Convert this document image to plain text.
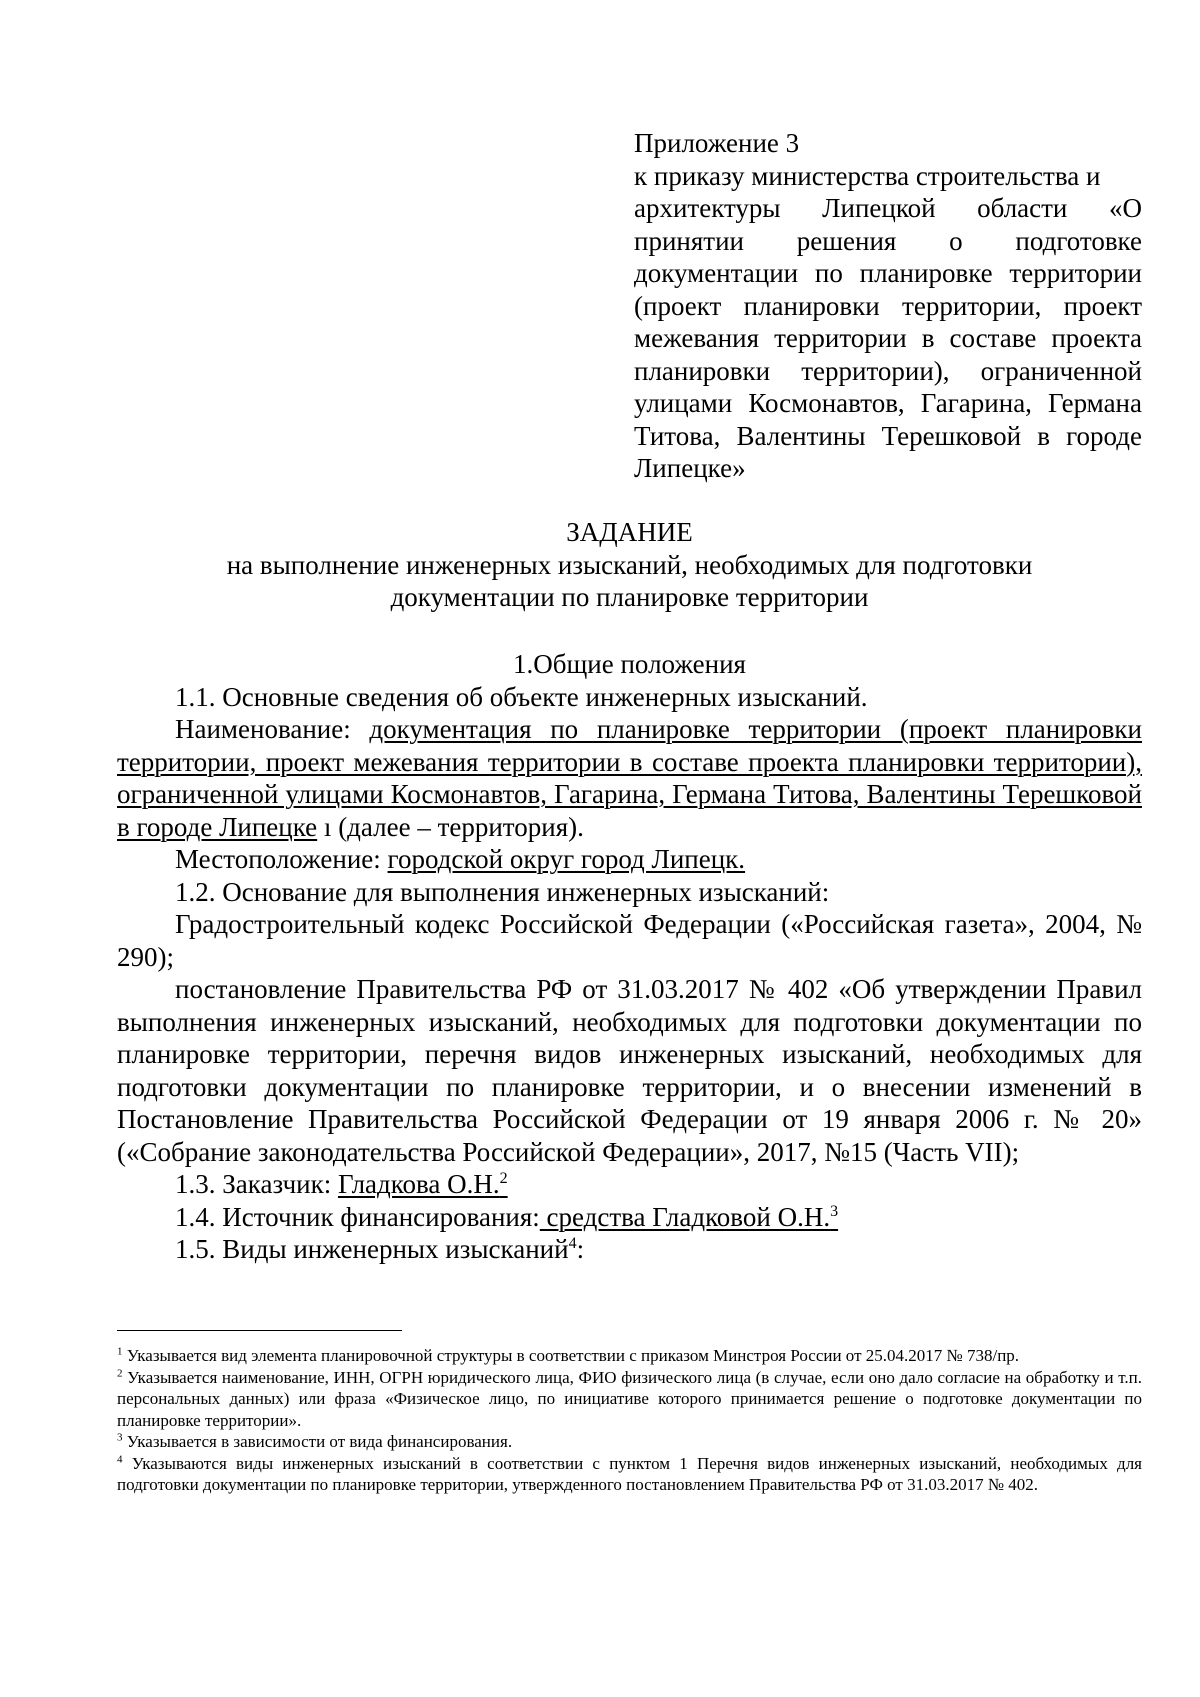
Приложение 3
к приказу министерства строительства и
архитектуры Липецкой области «О принятии решения о подготовке документации по планировке территории (проект планировки территории, проект межевания территории в составе проекта планировки территории), ограниченной улицами Космонавтов, Гагарина, Германа Титова, Валентины Терешковой в городе Липецке»
ЗАДАНИЕ
на выполнение инженерных изысканий, необходимых для подготовки
документации по планировке территории

1.Общие положения

1.1. Основные сведения об объекте инженерных изысканий.

Наименование: документация по планировке территории (проект планировки территории, проект межевания территории в составе проекта планировки территории), ограниченной улицами Космонавтов, Гагарина, Германа Титова, Валентины Терешковой в городе Липецке ı (далее – территория).

Местоположение: городской округ город Липецк.

1.2. Основание для выполнения инженерных изысканий:

Градостроительный кодекс Российской Федерации («Российская газета», 2004, № 290);

постановление Правительства РФ от 31.03.2017 № 402 «Об утверждении Правил выполнения инженерных изысканий, необходимых для подготовки документации по планировке территории, перечня видов инженерных изысканий, необходимых для подготовки документации по планировке территории, и о внесении изменений в Постановление Правительства Российской Федерации от 19 января 2006 г. № 20» («Собрание законодательства Российской Федерации», 2017, №15 (Часть VII);

1.3. Заказчик: Гладкова О.Н.$^2$

1.4. Источник финансирования: средства Гладковой О.Н.$^3$

1.5. Виды инженерных изысканий$^4$:

$^1$ Указывается вид элемента планировочной структуры в соответствии с приказом Минстроя России от 25.04.2017 № 738/пр.

$^2$ Указывается наименование, ИНН, ОГРН юридического лица, ФИО физического лица (в случае, если оно дало согласие на обработку и т.п. персональных данных) или фраза «Физическое лицо, по инициативе которого принимается решение о подготовке документации по планировке территории».

$^3$ Указывается в зависимости от вида финансирования.

$^4$ Указываются виды инженерных изысканий в соответствии с пунктом 1 Перечня видов инженерных изысканий, необходимых для подготовки документации по планировке территории, утвержденного постановлением Правительства РФ от 31.03.2017 № 402.
